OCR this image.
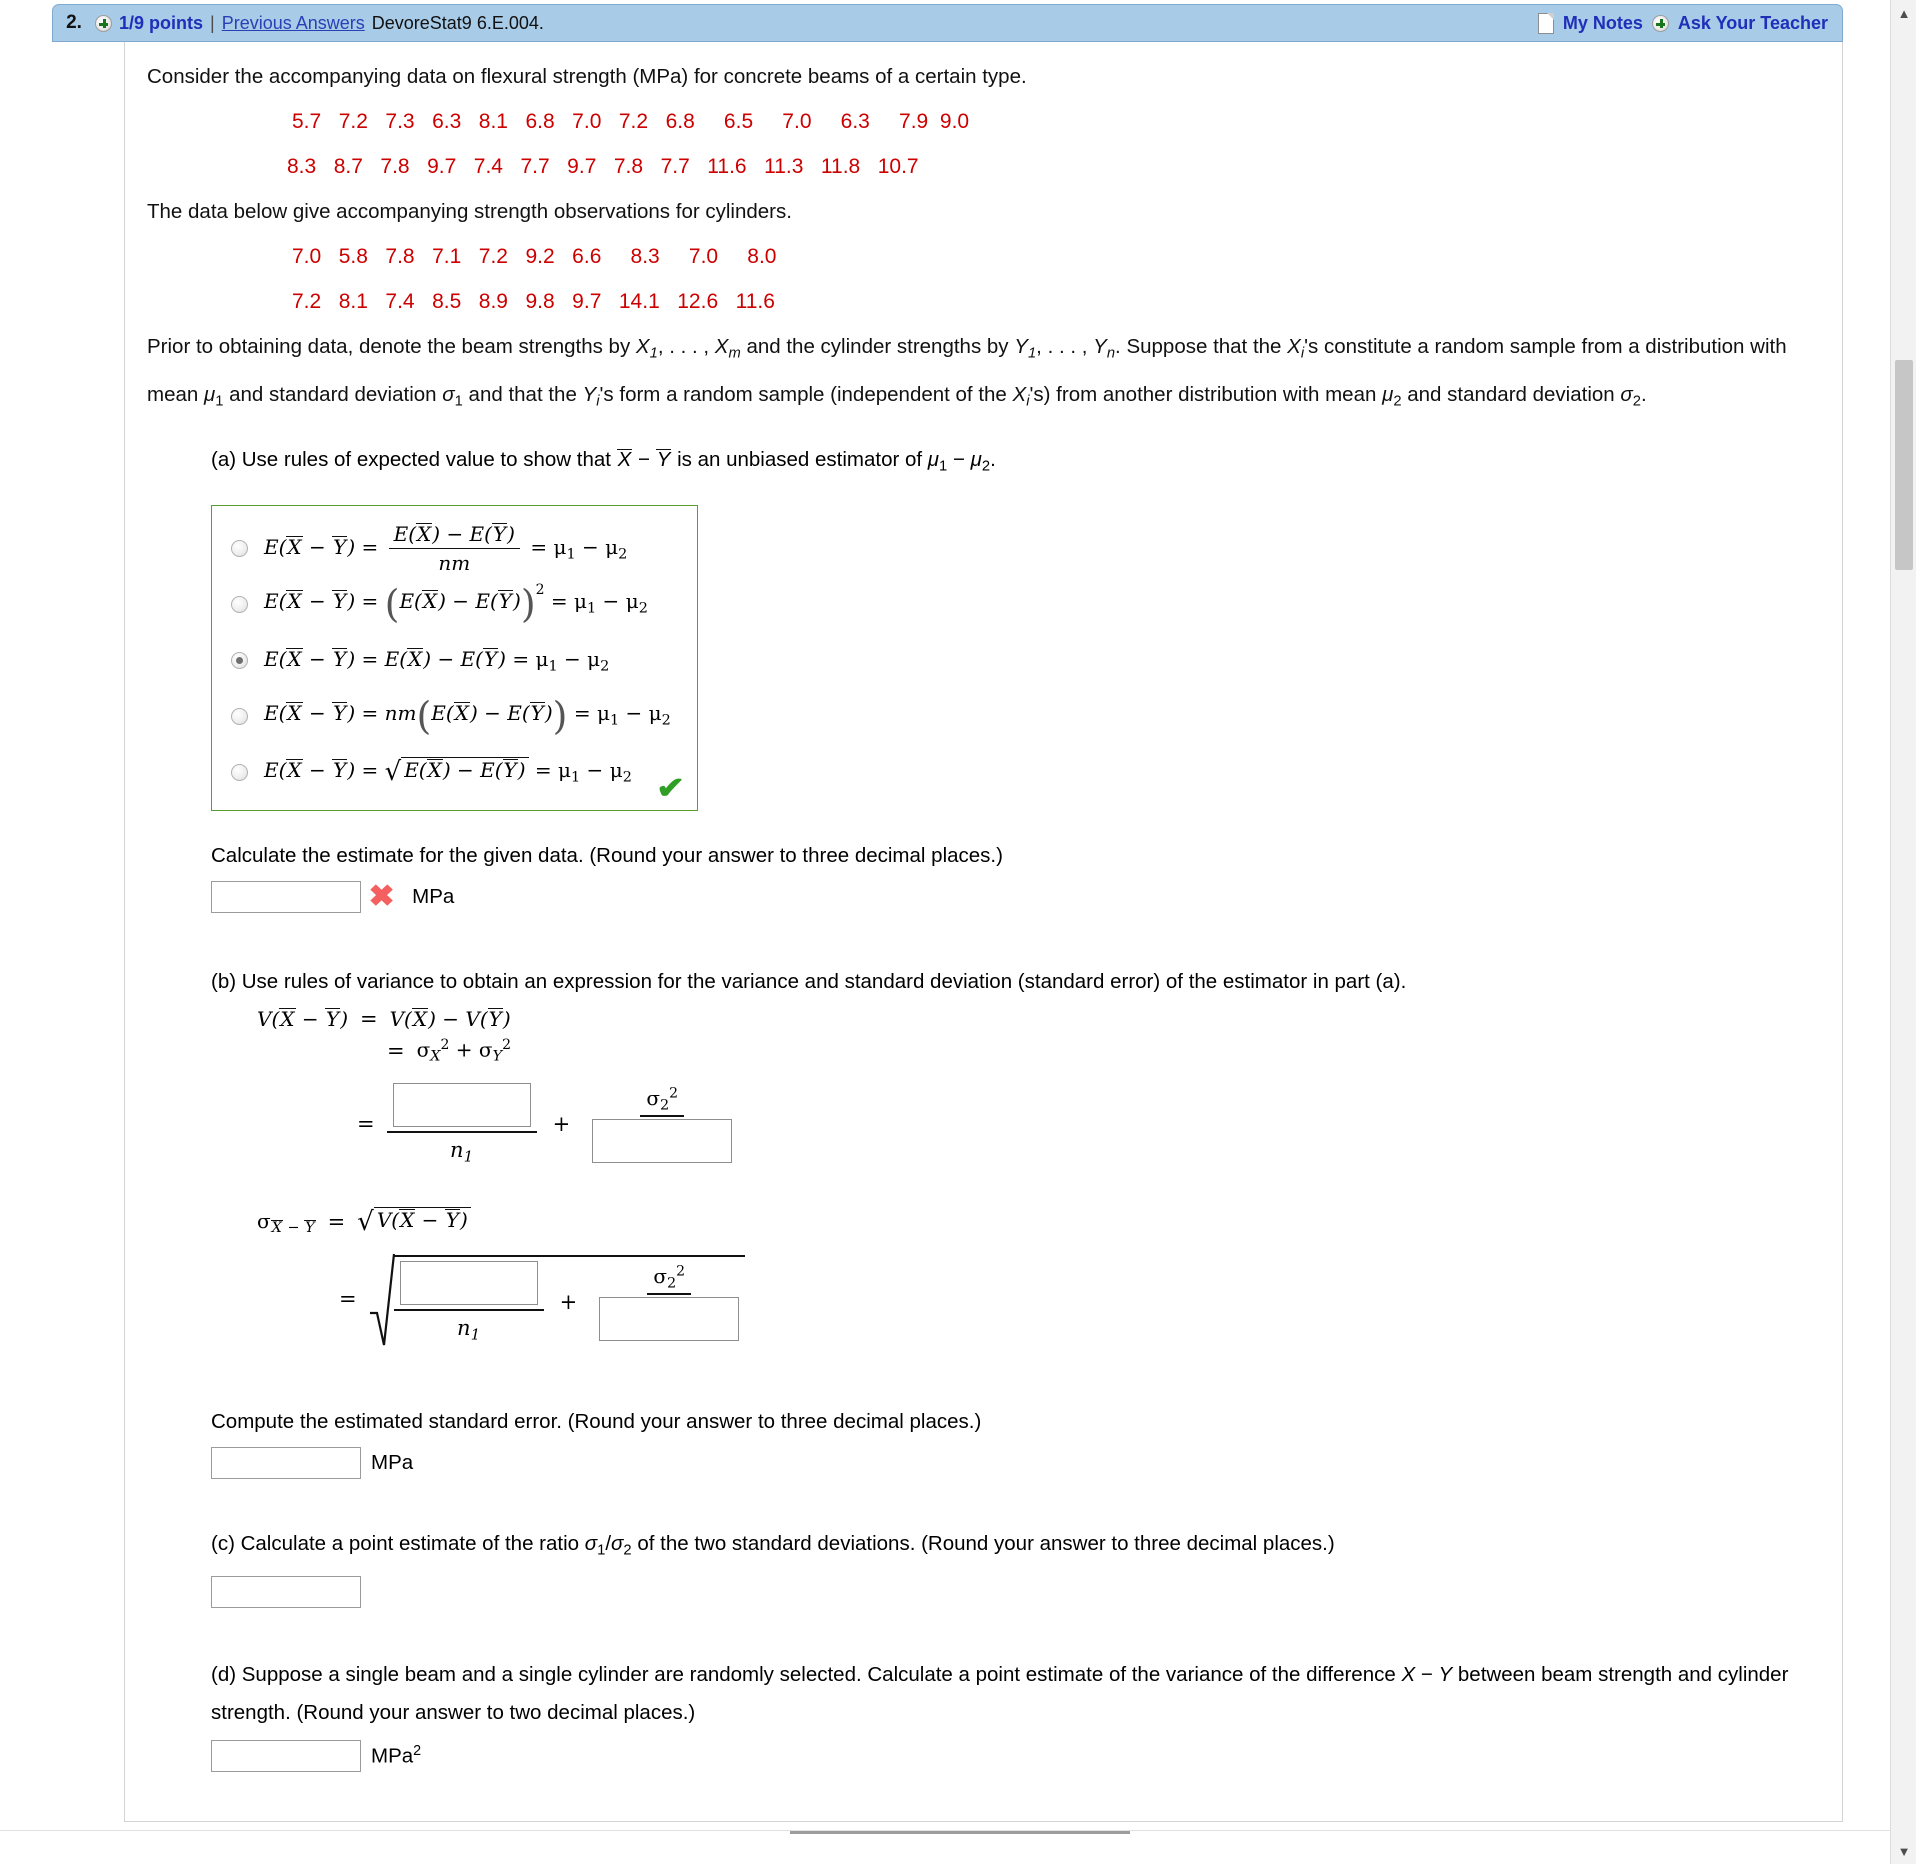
2.	1/9 points | Previous Answers DevoreStat9 6.E.004.	My Notes Ask Your Teacher

Consider the accompanying data on flexural strength (MPa) for concrete beams of a certain type.

5.7   7.2   7.3   6.3   8.1   6.8   7.0   7.2   6.8     6.5     7.0     6.3     7.9  9.0
8.3   8.7   7.8   9.7   7.4   7.7   9.7   7.8   7.7   11.6   11.3   11.8   10.7

The data below give accompanying strength observations for cylinders.

7.0   5.8   7.8   7.1   7.2   9.2   6.6     8.3     7.0     8.0
7.2   8.1   7.4   8.5   8.9   9.8   9.7   14.1   12.6   11.6

Prior to obtaining data, denote the beam strengths by $X_1$, . . . , $X_m$ and the cylinder strengths by $Y_1$, . . . , $Y_n$. Suppose that the $X_i's$ constitute a random sample from a distribution with mean $\mu_1$ and standard deviation $\sigma_1$ and that the $Y_i's$ form a random sample (independent of the $X_i's$) from another distribution with mean $\mu_2$ and standard deviation $\sigma_2$.

(a) Use rules of expected value to show that X − Y is an unbiased estimator of $\mu_1 - \mu_2$.
$E(X - Y) = \frac{E(X) - E(Y)}{nm} = \mu_1 - \mu_2$
$E(X - Y) = (E(X) - E(Y))^2 = \mu_1 - \mu_2$
$E(X - Y) = E(X) - E(Y) = \mu_1 - \mu_2$
$E(X - Y) = nm(E(X) - E(Y)) = \mu_1 - \mu_2$
E(X − Y) = √ $E(X) - E(Y) = \mu_1 - \mu_2$ ✔
Calculate the estimate for the given data. (Round your answer to three decimal places.)
✖ MPa
(b) Use rules of variance to obtain an expression for the variance and standard deviation (standard error) of the estimator in part (a).
V(X − Y) = V(X) − V(Y)
= $\sigma_X^2 + \sigma_Y^2$
=
$n_1$
+
$\sigma_2^2$
$\sigma_{X - Y}$ = √ V(X − Y)
=
$n_1$
+
$\sigma_2^2$
Compute the estimated standard error. (Round your answer to three decimal places.)
MPa
(c) Calculate a point estimate of the ratio $\sigma_1/\sigma_2$ of the two standard deviations. (Round your answer to three decimal places.)
(d) Suppose a single beam and a single cylinder are randomly selected. Calculate a point estimate of the variance of the difference X − Y between beam strength and cylinder strength. (Round your answer to two decimal places.)
MPa$^2$
▲
▼
